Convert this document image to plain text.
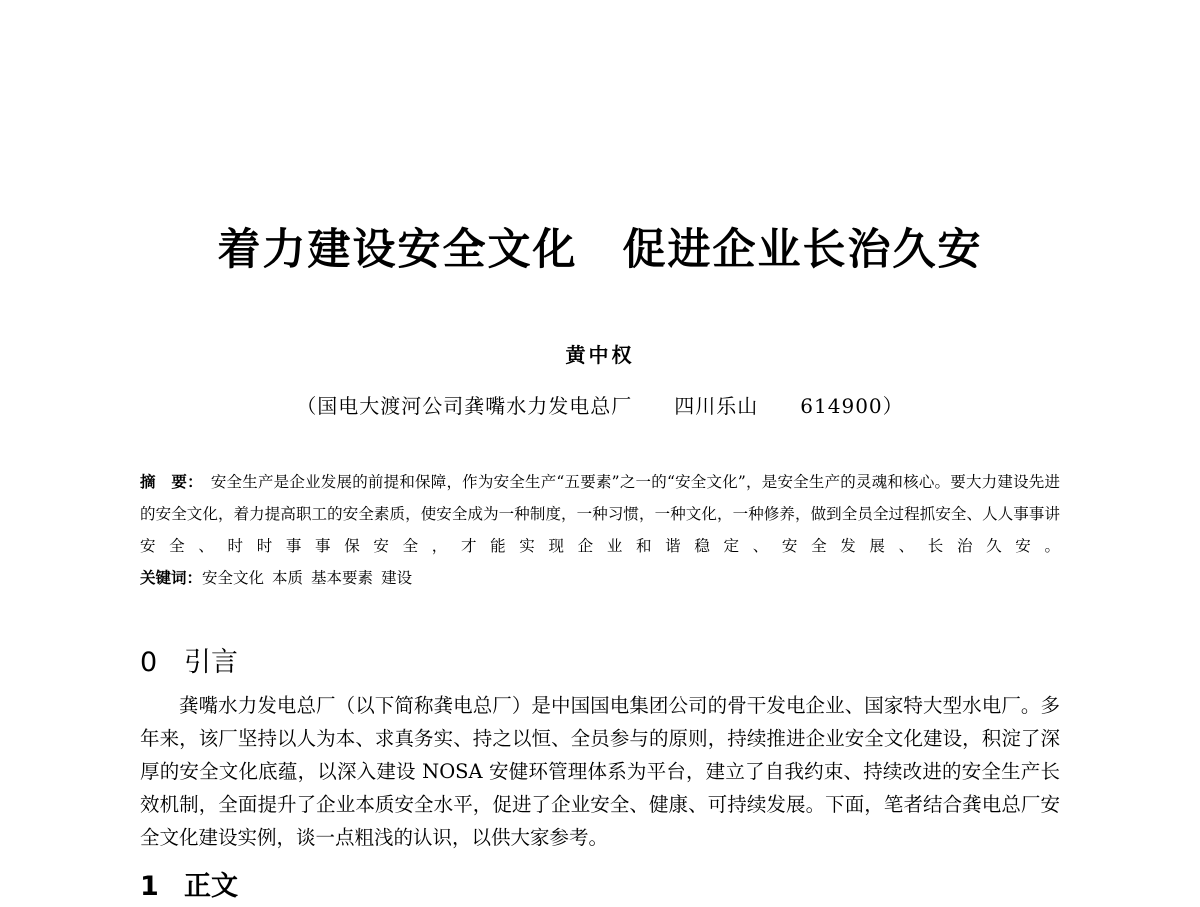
着力建设安全文化　促进企业长治久安
黄中权
（国电大渡河公司龚嘴水力发电总厂　　四川乐山　　614900）
摘　要： 安全生产是企业发展的前提和保障，作为安全生产“五要素”之一的“安全文化”，是安全生产的灵魂和核心。要大力建设先进的安全文化，着力提高职工的安全素质，使安全成为一种制度，一种习惯，一种文化，一种修养，做到全员全过程抓安全、人人事事讲安全、时时事事保安全，才能实现企业和谐稳定、安全发展、长治久安。
关键词：安全文化 本质 基本要素 建设
0 引言
龚嘴水力发电总厂（以下简称龚电总厂）是中国国电集团公司的骨干发电企业、国家特大型水电厂。多年来，该厂坚持以人为本、求真务实、持之以恒、全员参与的原则，持续推进企业安全文化建设，积淀了深厚的安全文化底蕴，以深入建设 NOSA 安健环管理体系为平台，建立了自我约束、持续改进的安全生产长效机制，全面提升了企业本质安全水平，促进了企业安全、健康、可持续发展。下面，笔者结合龚电总厂安全文化建设实例，谈一点粗浅的认识，以供大家参考。
1 正文
